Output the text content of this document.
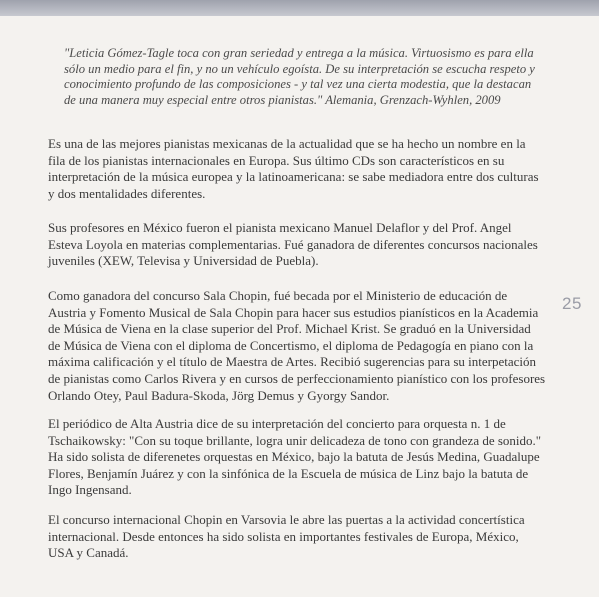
"Leticia Gómez-Tagle toca con gran seriedad y entrega a la música. Virtuosismo es para ella sólo un medio para el fin, y no un vehículo egoísta. De su interpretación se escucha respeto y conocimiento profundo de las composiciones - y tal vez una cierta modestia, que la destacan de una manera muy especial entre otros pianistas." Alemania, Grenzach-Wyhlen, 2009
Es una de las mejores pianistas mexicanas de la actualidad que se ha hecho un nombre en la fila de los pianistas internacionales en Europa. Sus último CDs son característicos en su interpretación de la música europea y la latinoamericana: se sabe mediadora entre dos culturas y dos mentalidades diferentes.
Sus profesores en México fueron el pianista mexicano Manuel Delaflor y del Prof. Angel Esteva Loyola en materias complementarias. Fué ganadora de diferentes concursos nacionales juveniles (XEW, Televisa y Universidad de Puebla).
Como ganadora del concurso Sala Chopin, fué becada por el Ministerio de educación de Austria y Fomento Musical de Sala Chopin para hacer sus estudios pianísticos en la Academia de Música de Viena en la clase superior del Prof. Michael Krist. Se graduó en la Universidad de Música de Viena con el diploma de Concertismo, el diploma de Pedagogía en piano con la máxima calificación y el título de Maestra de Artes. Recibió sugerencias para su interpetación de pianistas como Carlos Rivera y en cursos de perfeccionamiento pianístico con los profesores Orlando Otey, Paul Badura-Skoda, Jörg Demus y Gyorgy Sandor.
El periódico de Alta Austria dice de su interpretación del concierto para orquesta n. 1 de Tschaikowsky: "Con su toque brillante, logra unir delicadeza de tono con grandeza de sonido." Ha sido solista de diferenetes orquestas en México, bajo la batuta de Jesús Medina, Guadalupe Flores, Benjamín Juárez y con la sinfónica de la Escuela de música de Linz bajo la batuta de Ingo Ingensand.
El concurso internacional Chopin en Varsovia le abre las puertas a la actividad concertística internacional. Desde entonces ha sido solista en importantes festivales de Europa, México, USA y Canadá.
25
